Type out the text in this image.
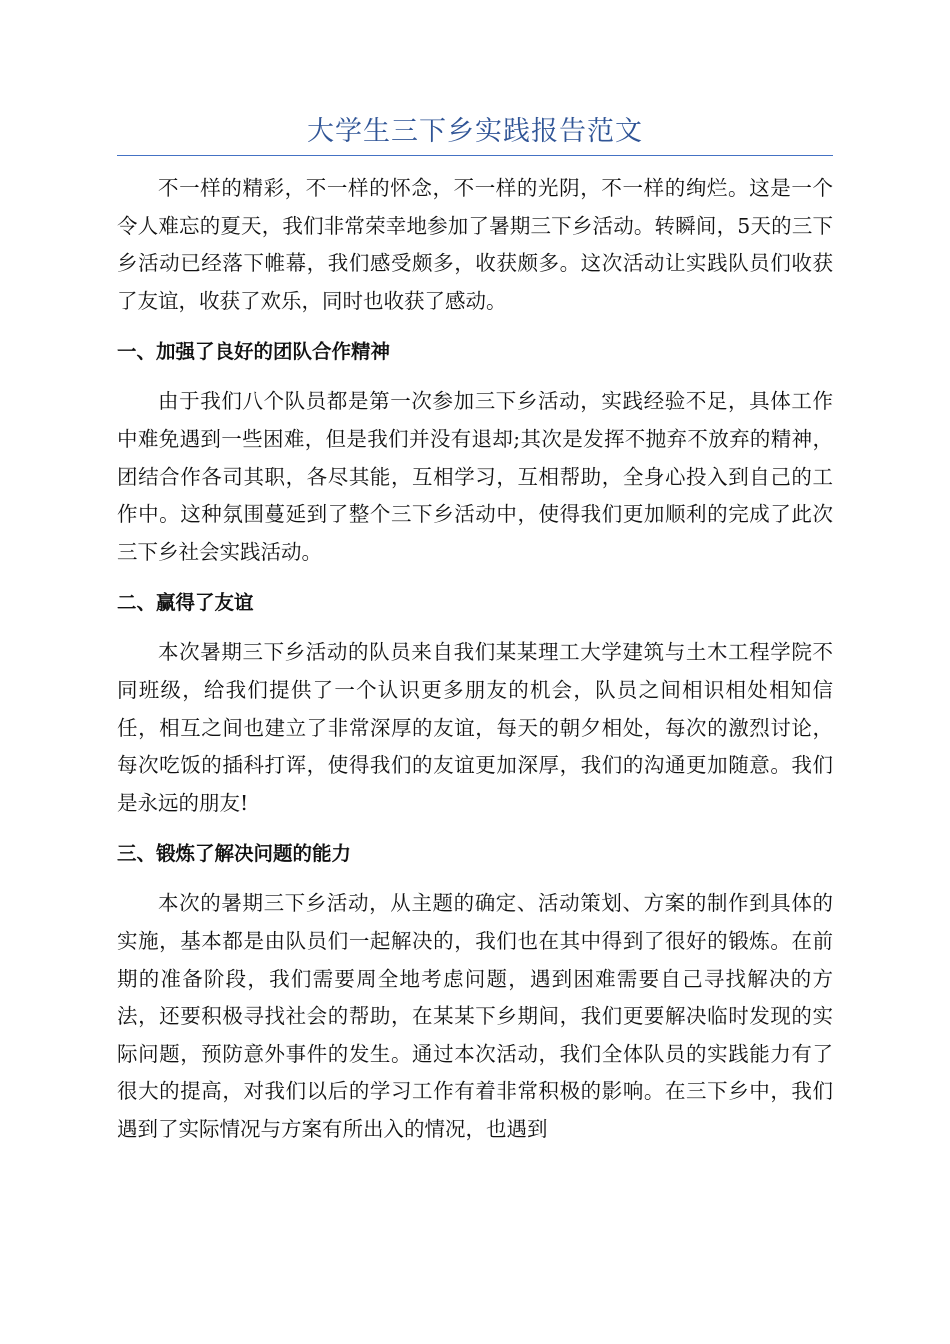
大学生三下乡实践报告范文

不一样的精彩，不一样的怀念，不一样的光阴，不一样的绚烂。这是一个令人难忘的夏天，我们非常荣幸地参加了暑期三下乡活动。转瞬间，5天的三下乡活动已经落下帷幕，我们感受颇多，收获颇多。这次活动让实践队员们收获了友谊，收获了欢乐，同时也收获了感动。

一、加强了良好的团队合作精神

由于我们八个队员都是第一次参加三下乡活动，实践经验不足，具体工作中难免遇到一些困难，但是我们并没有退却;其次是发挥不抛弃不放弃的精神，团结合作各司其职，各尽其能，互相学习，互相帮助，全身心投入到自己的工作中。这种氛围蔓延到了整个三下乡活动中，使得我们更加顺利的完成了此次三下乡社会实践活动。

二、赢得了友谊

本次暑期三下乡活动的队员来自我们某某理工大学建筑与土木工程学院不同班级，给我们提供了一个认识更多朋友的机会，队员之间相识相处相知信任，相互之间也建立了非常深厚的友谊，每天的朝夕相处，每次的激烈讨论，每次吃饭的插科打诨，使得我们的友谊更加深厚，我们的沟通更加随意。我们是永远的朋友!

三、锻炼了解决问题的能力

本次的暑期三下乡活动，从主题的确定、活动策划、方案的制作到具体的实施，基本都是由队员们一起解决的，我们也在其中得到了很好的锻炼。在前期的准备阶段，我们需要周全地考虑问题，遇到困难需要自己寻找解决的方法，还要积极寻找社会的帮助，在某某下乡期间，我们更要解决临时发现的实际问题，预防意外事件的发生。通过本次活动，我们全体队员的实践能力有了很大的提高，对我们以后的学习工作有着非常积极的影响。在三下乡中，我们遇到了实际情况与方案有所出入的情况，也遇到
